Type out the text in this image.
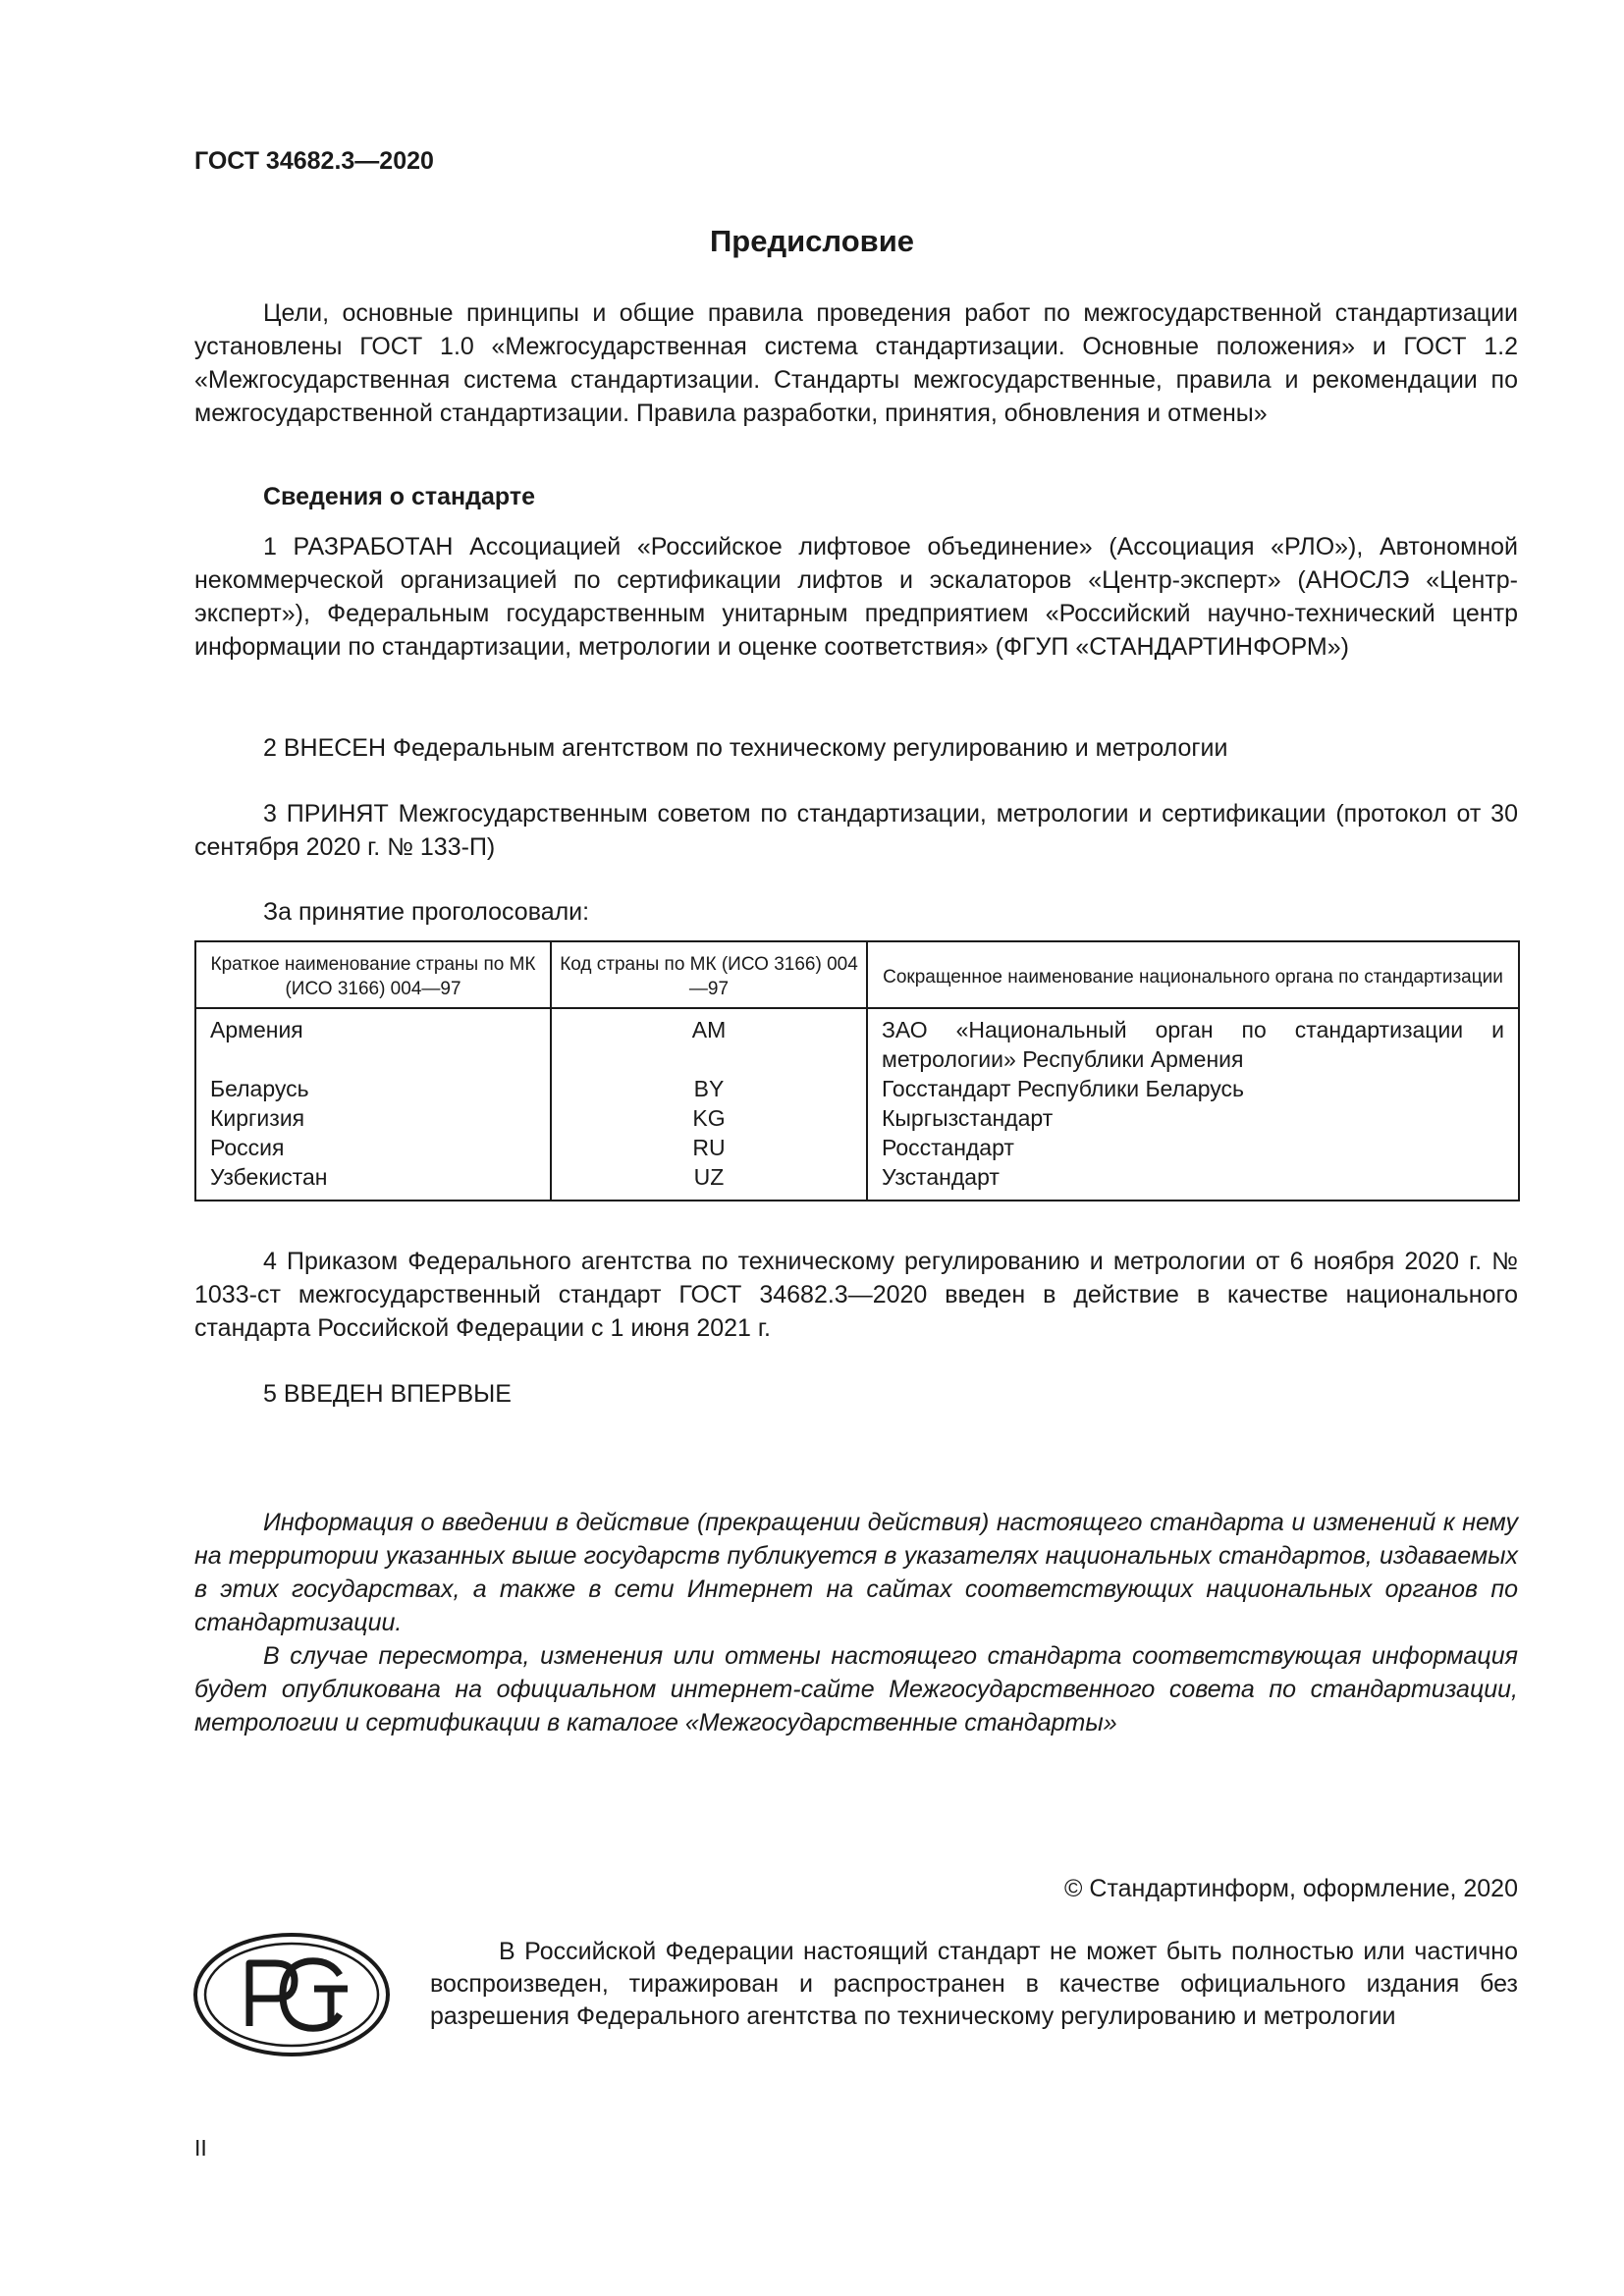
ГОСТ 34682.3—2020

Предисловие

Цели, основные принципы и общие правила проведения работ по межгосударственной стандартизации установлены ГОСТ 1.0 «Межгосударственная система стандартизации. Основные положения» и ГОСТ 1.2 «Межгосударственная система стандартизации. Стандарты межгосударственные, правила и рекомендации по межгосударственной стандартизации. Правила разработки, принятия, обновления и отмены»

Сведения о стандарте

1 РАЗРАБОТАН Ассоциацией «Российское лифтовое объединение» (Ассоциация «РЛО»), Автономной некоммерческой организацией по сертификации лифтов и эскалаторов «Центр-эксперт» (АНОСЛЭ «Центр-эксперт»), Федеральным государственным унитарным предприятием «Российский научно-технический центр информации по стандартизации, метрологии и оценке соответствия» (ФГУП «СТАНДАРТИНФОРМ»)

2 ВНЕСЕН Федеральным агентством по техническому регулированию и метрологии

3 ПРИНЯТ Межгосударственным советом по стандартизации, метрологии и сертификации (протокол от 30 сентября 2020 г. № 133-П)

За принятие проголосовали:

Краткое наименование страны по МК (ИСО 3166) 004—97	Код страны по МК (ИСО 3166) 004—97	Сокращенное наименование национального органа по стандартизации
Армения	AM	ЗАО «Национальный орган по стандартизации и метрологии» Республики Армения
Беларусь	BY	Госстандарт Республики Беларусь
Киргизия	KG	Кыргызстандарт
Россия	RU	Росстандарт
Узбекистан	UZ	Узстандарт

4 Приказом Федерального агентства по техническому регулированию и метрологии от 6 ноября 2020 г. № 1033-ст межгосударственный стандарт ГОСТ 34682.3—2020 введен в действие в качестве национального стандарта Российской Федерации с 1 июня 2021 г.

5 ВВЕДЕН ВПЕРВЫЕ

Информация о введении в действие (прекращении действия) настоящего стандарта и изменений к нему на территории указанных выше государств публикуется в указателях национальных стандартов, издаваемых в этих государствах, а также в сети Интернет на сайтах соответствующих национальных органов по стандартизации.

В случае пересмотра, изменения или отмены настоящего стандарта соответствующая информация будет опубликована на официальном интернет-сайте Межгосударственного совета по стандартизации, метрологии и сертификации в каталоге «Межгосударственные стандарты»

© Стандартинформ, оформление, 2020

В Российской Федерации настоящий стандарт не может быть полностью или частично воспроизведен, тиражирован и распространен в качестве официального издания без разрешения Федерального агентства по техническому регулированию и метрологии

II
